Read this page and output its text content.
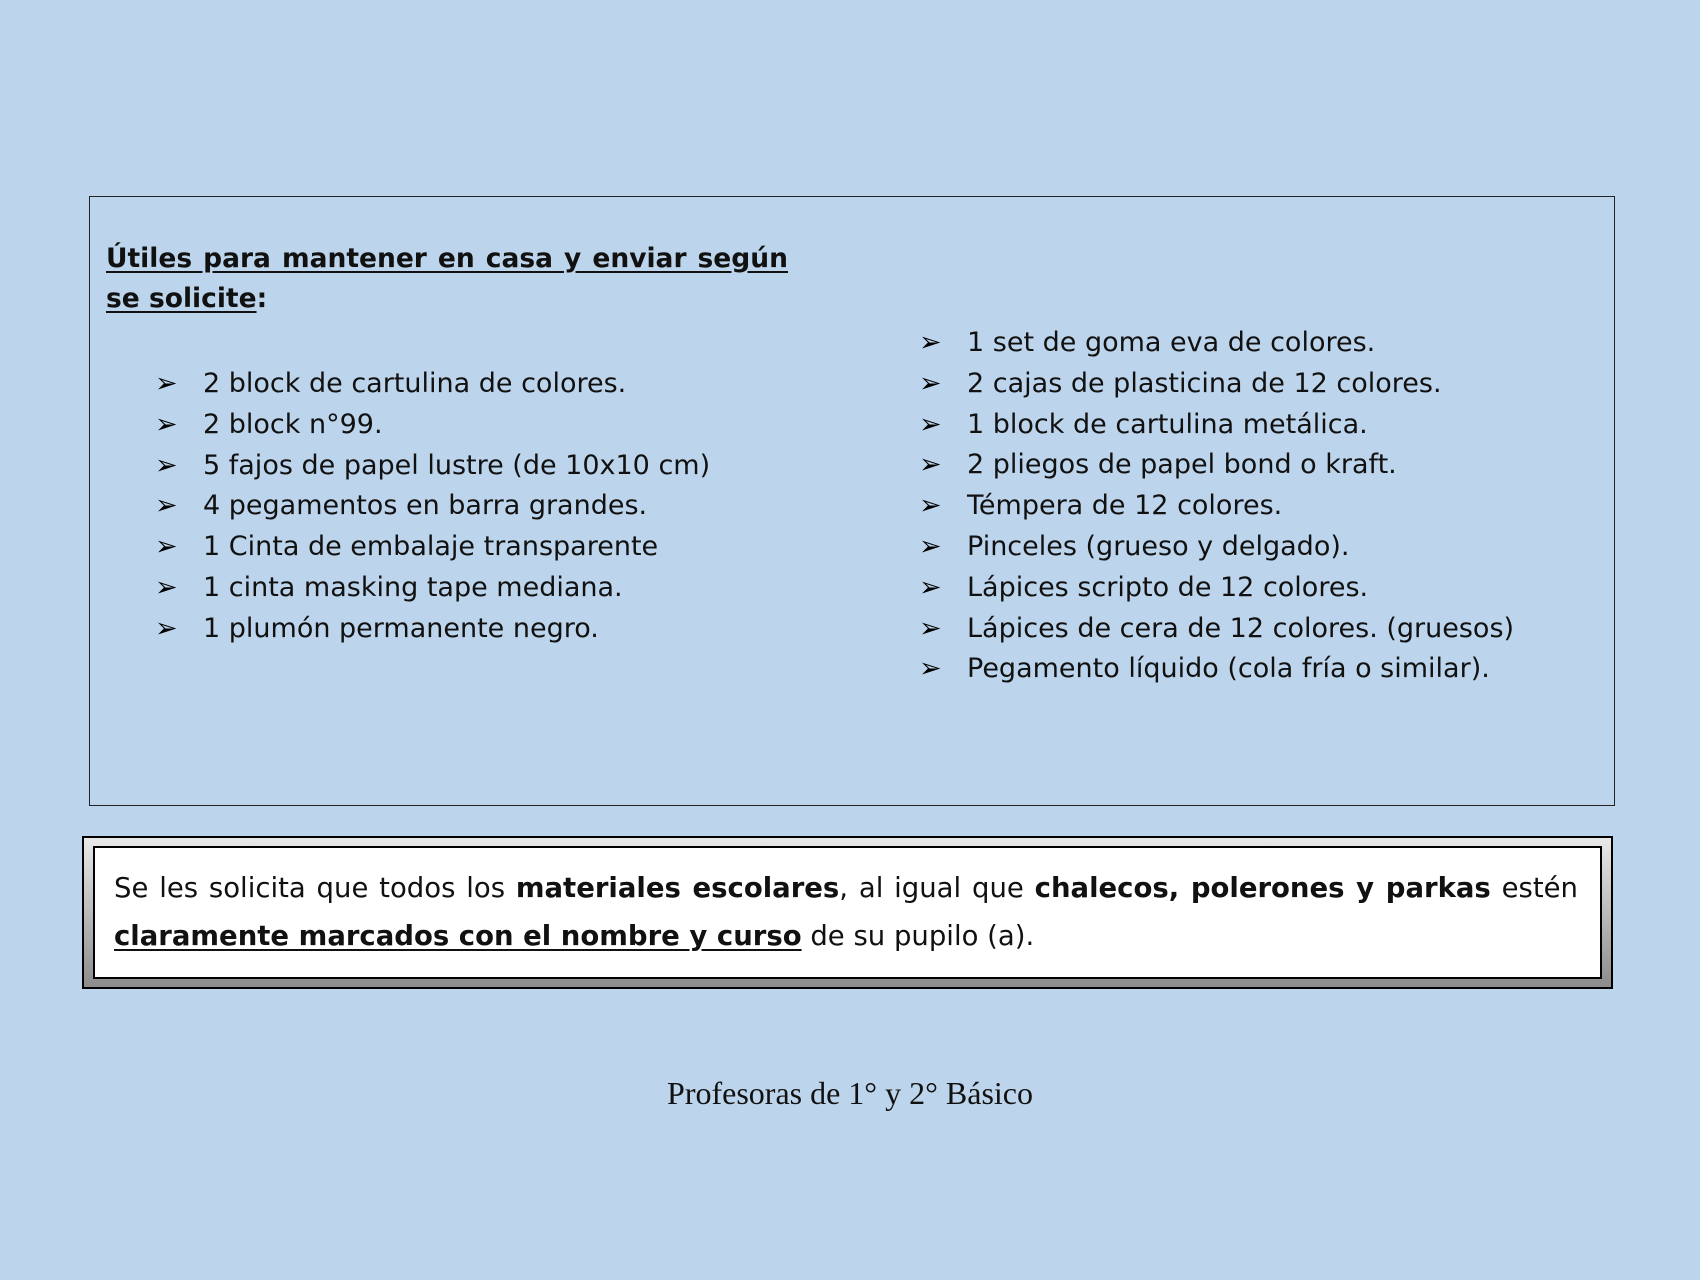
Útiles para mantener en casa y enviar según se solicite:

➢ 2 block de cartulina de colores.
➢ 2 block n°99.
➢ 5 fajos de papel lustre (de 10x10 cm)
➢ 4 pegamentos en barra grandes.
➢ 1 Cinta de embalaje transparente
➢ 1 cinta masking tape mediana.
➢ 1 plumón permanente negro.
➢ 1 set de goma eva de colores.
➢ 2 cajas de plasticina de 12 colores.
➢ 1 block de cartulina metálica.
➢ 2 pliegos de papel bond o kraft.
➢ Témpera de 12 colores.
➢ Pinceles (grueso y delgado).
➢ Lápices scripto de 12 colores.
➢ Lápices de cera de 12 colores. (gruesos)
➢ Pegamento líquido (cola fría o similar).

Se les solicita que todos los materiales escolares, al igual que chalecos, polerones y parkas estén claramente marcados con el nombre y curso de su pupilo (a).

Profesoras de 1° y 2° Básico
